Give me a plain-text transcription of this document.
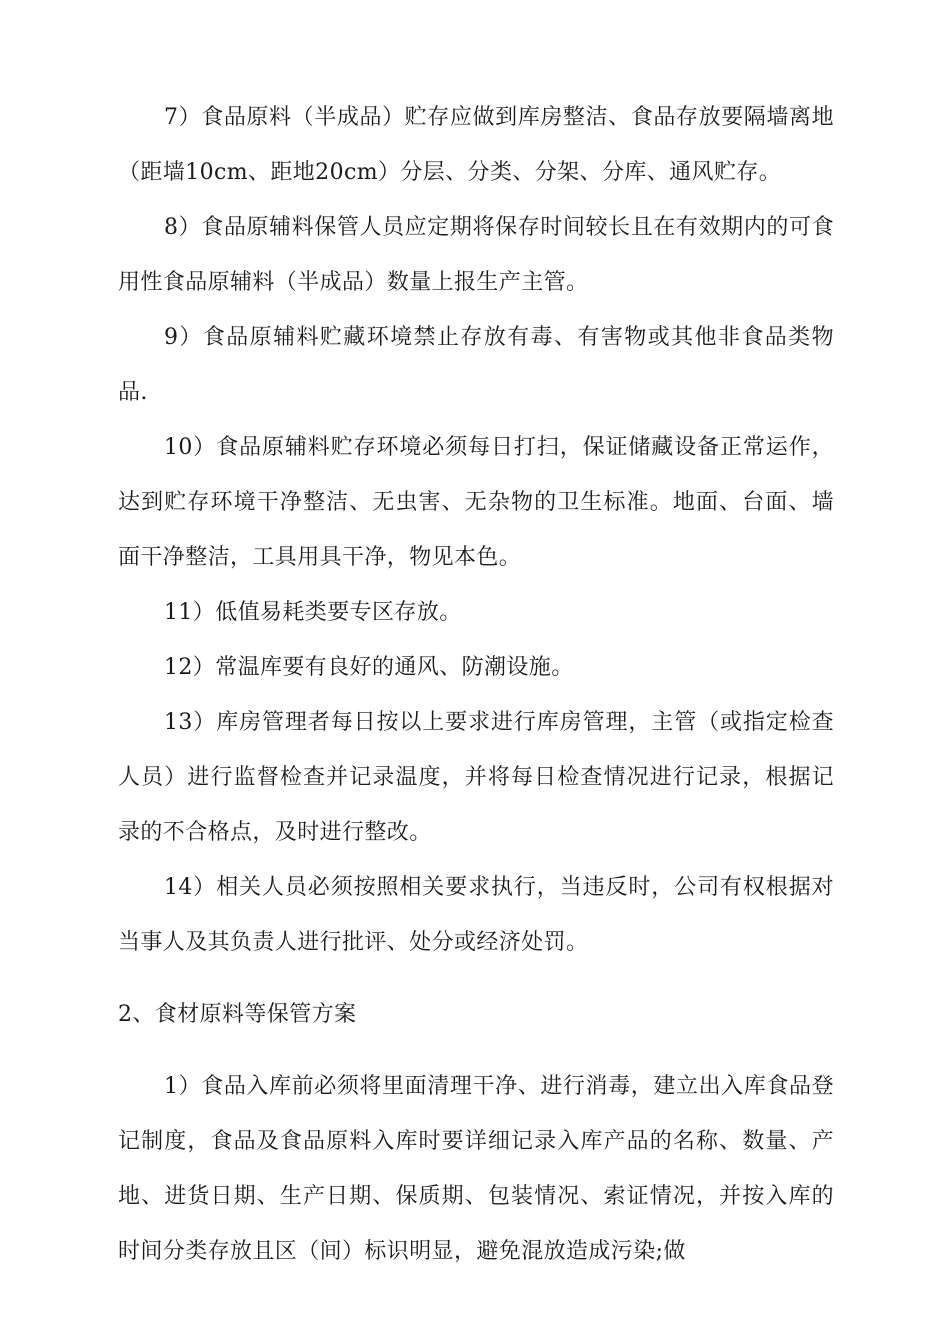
7）食品原料（半成品）贮存应做到库房整洁、食品存放要隔墙离地（距墙10cm、距地20cm）分层、分类、分架、分库、通风贮存。

8）食品原辅料保管人员应定期将保存时间较长且在有效期内的可食用性食品原辅料（半成品）数量上报生产主管。

9）食品原辅料贮藏环境禁止存放有毒、有害物或其他非食品类物品.

10）食品原辅料贮存环境必须每日打扫，保证储藏设备正常运作，达到贮存环境干净整洁、无虫害、无杂物的卫生标准。地面、台面、墙面干净整洁，工具用具干净，物见本色。

11）低值易耗类要专区存放。

12）常温库要有良好的通风、防潮设施。

13）库房管理者每日按以上要求进行库房管理，主管（或指定检查人员）进行监督检查并记录温度，并将每日检查情况进行记录，根据记录的不合格点，及时进行整改。

14）相关人员必须按照相关要求执行，当违反时，公司有权根据对当事人及其负责人进行批评、处分或经济处罚。

2、食材原料等保管方案

1）食品入库前必须将里面清理干净、进行消毒，建立出入库食品登记制度，食品及食品原料入库时要详细记录入库产品的名称、数量、产地、进货日期、生产日期、保质期、包装情况、索证情况，并按入库的时间分类存放且区（间）标识明显，避免混放造成污染;做
